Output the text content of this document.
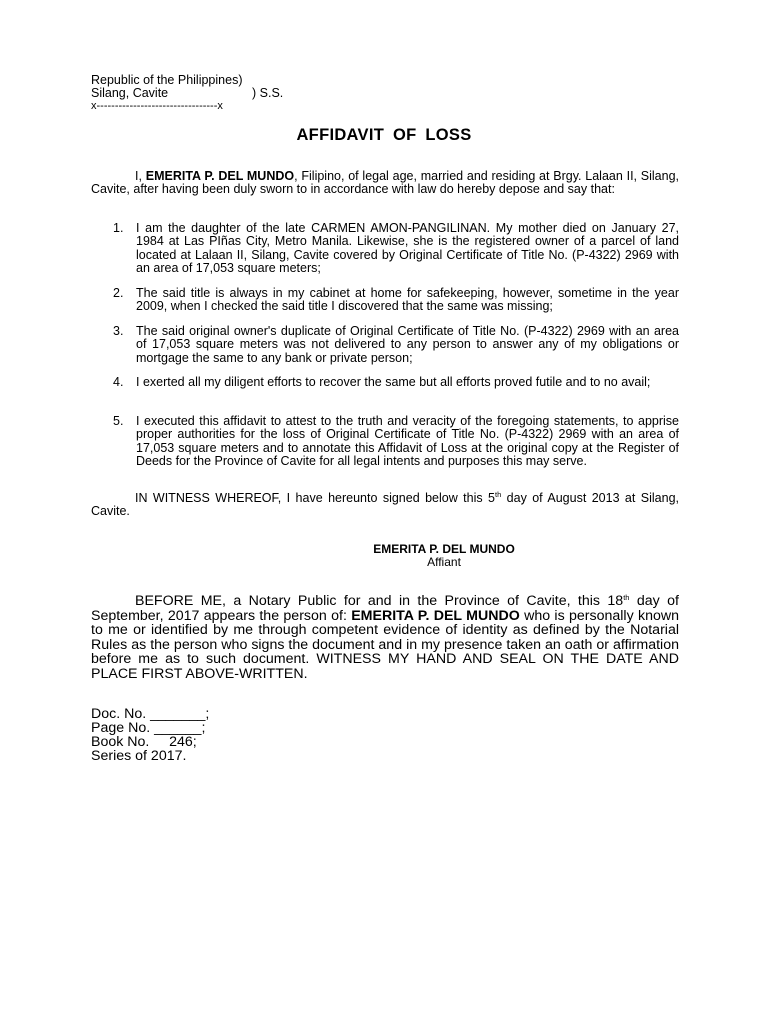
Republic of the Philippines)
Silang, Cavite	) S.S.
x---------------------------------x
AFFIDAVIT OF LOSS
I, EMERITA P. DEL MUNDO, Filipino, of legal age, married and residing at Brgy. Lalaan II, Silang, Cavite, after having been duly sworn to in accordance with law do hereby depose and say that:
1. I am the daughter of the late CARMEN AMON-PANGILINAN. My mother died on January 27, 1984 at Las PIñas City, Metro Manila. Likewise, she is the registered owner of a parcel of land located at Lalaan II, Silang, Cavite covered by Original Certificate of Title No. (P-4322) 2969 with an area of 17,053 square meters;
2. The said title is always in my cabinet at home for safekeeping, however, sometime in the year 2009, when I checked the said title I discovered that the same was missing;
3. The said original owner's duplicate of Original Certificate of Title No. (P-4322) 2969 with an area of 17,053 square meters was not delivered to any person to answer any of my obligations or mortgage the same to any bank or private person;
4. I exerted all my diligent efforts to recover the same but all efforts proved futile and to no avail;
5. I executed this affidavit to attest to the truth and veracity of the foregoing statements, to apprise proper authorities for the loss of Original Certificate of Title No. (P-4322) 2969 with an area of 17,053 square meters and to annotate this Affidavit of Loss at the original copy at the Register of Deeds for the Province of Cavite for all legal intents and purposes this may serve.
IN WITNESS WHEREOF, I have hereunto signed below this 5th day of August 2013 at Silang, Cavite.
EMERITA P. DEL MUNDO
Affiant
BEFORE ME, a Notary Public for and in the Province of Cavite, this 18th day of September, 2017 appears the person of: EMERITA P. DEL MUNDO who is personally known to me or identified by me through competent evidence of identity as defined by the Notarial Rules as the person who signs the document and in my presence taken an oath or affirmation before me as to such document. WITNESS MY HAND AND SEAL ON THE DATE AND PLACE FIRST ABOVE-WRITTEN.
Doc. No. _______;
Page No. ______;
Book No.     246;
Series of 2017.
